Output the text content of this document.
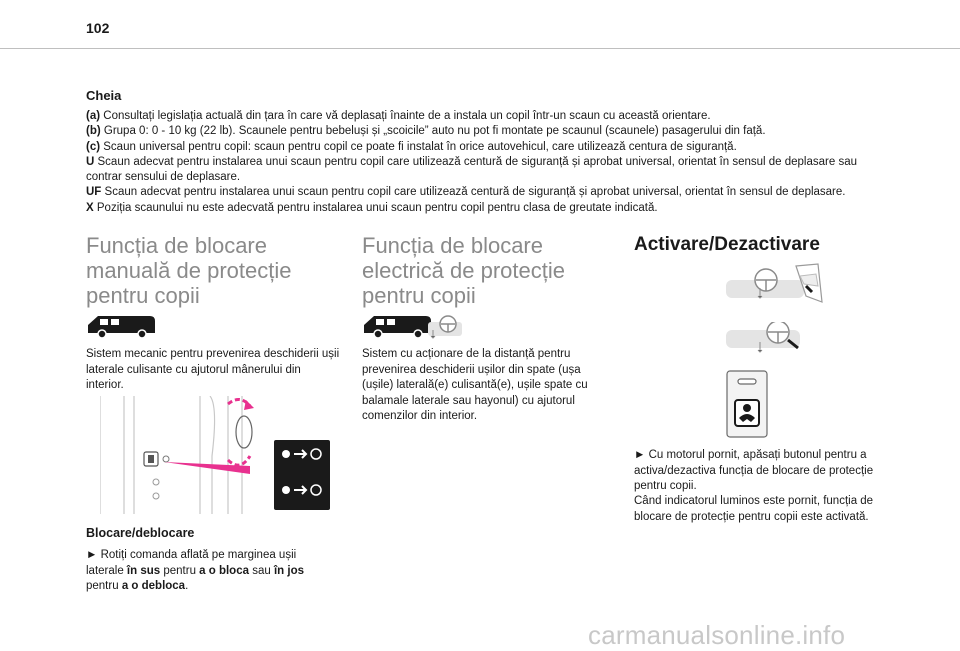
102
Cheia

(a) Consultați legislația actuală din țara în care vă deplasați înainte de a instala un copil într-un scaun cu această orientare.

(b) Grupa 0: 0 - 10 kg (22 lb). Scaunele pentru bebeluși și „scoicile” auto nu pot fi montate pe scaunul (scaunele) pasagerului din față.

(c) Scaun universal pentru copil: scaun pentru copil ce poate fi instalat în orice autovehicul, care utilizează centura de siguranță.

U Scaun adecvat pentru instalarea unui scaun pentru copil care utilizează centură de siguranță și aprobat universal, orientat în sensul de deplasare sau contrar sensului de deplasare.

UF Scaun adecvat pentru instalarea unui scaun pentru copil care utilizează centură de siguranță și aprobat universal, orientat în sensul de deplasare.

X Poziția scaunului nu este adecvată pentru instalarea unui scaun pentru copil pentru clasa de greutate indicată.

Funcția de blocare
manuală de protecție
pentru copii

Sistem mecanic pentru prevenirea deschiderii ușii laterale culisante cu ajutorul mânerului din interior.

Blocare/deblocare

► Rotiți comanda aflată pe marginea ușii laterale în sus pentru a o bloca sau în jos pentru a o debloca.

Funcția de blocare
electrică de protecție
pentru copii

Sistem cu acționare de la distanță pentru prevenirea deschiderii ușilor din spate (ușa (ușile) laterală(e) culisantă(e), ușile spate cu balamale laterale sau hayonul) cu ajutorul comenzilor din interior.

Activare/Dezactivare

► Cu motorul pornit, apăsați butonul pentru a activa/dezactiva funcția de blocare de protecție pentru copii.

Când indicatorul luminos este pornit, funcția de blocare de protecție pentru copii este activată.

carmanualsonline.info
